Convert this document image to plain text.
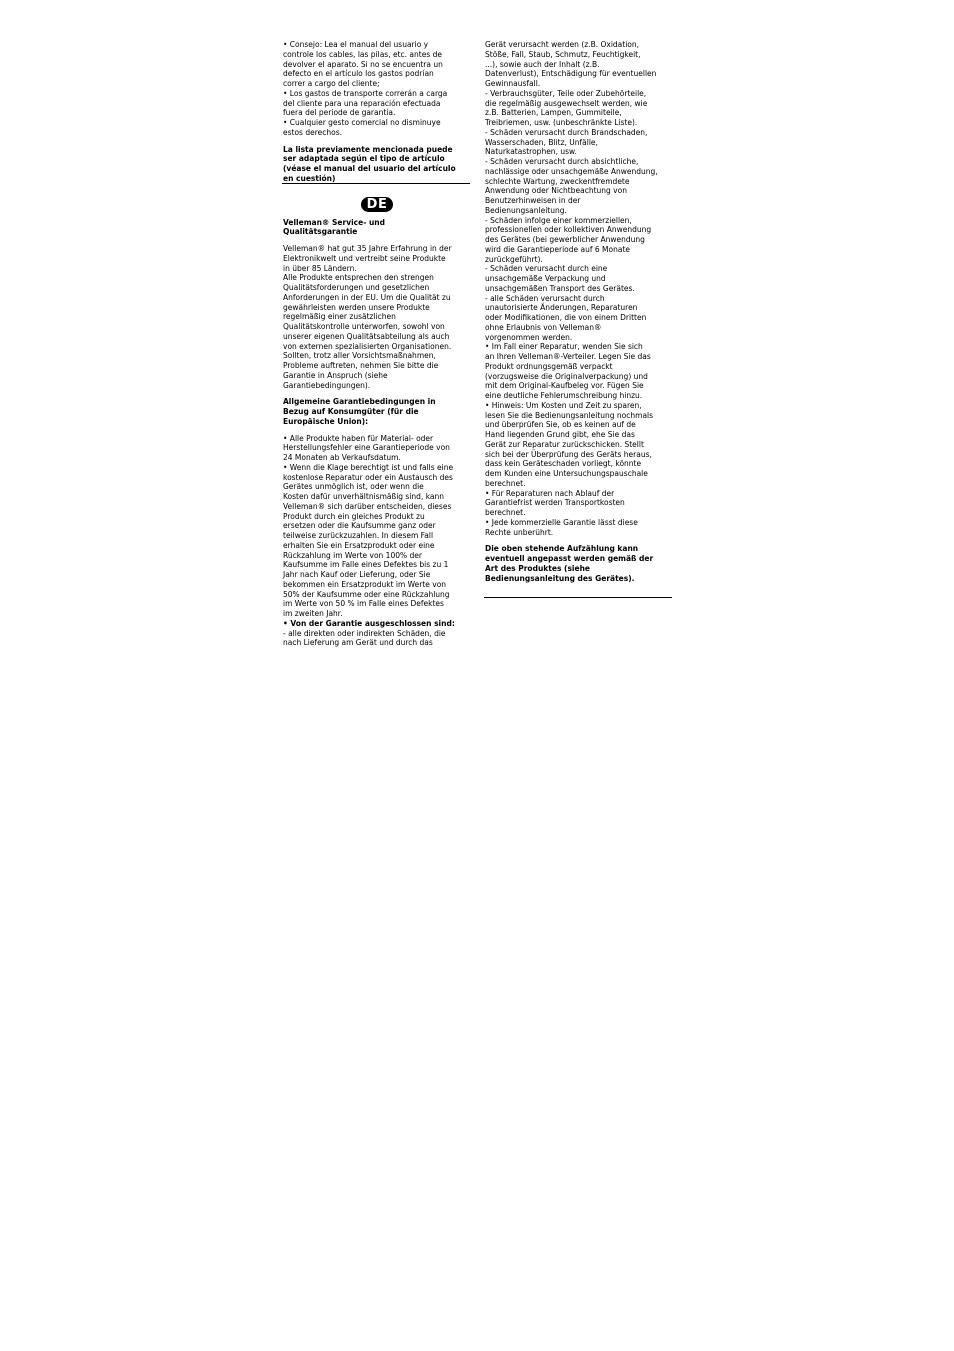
• Consejo: Lea el manual del usuario y
controle los cables, las pilas, etc. antes de
devolver el aparato. Si no se encuentra un
defecto en el artículo los gastos podrían
correr a cargo del cliente;
• Los gastos de transporte correrán a carga
del cliente para una reparación efectuada
fuera del periode de garantía.
• Cualquier gesto comercial no disminuye
estos derechos.

La lista previamente mencionada puede
ser adaptada según el tipo de artículo
(véase el manual del usuario del artículo
en cuestión)

DE

Velleman® Service- und
Qualitätsgarantie

Velleman® hat gut 35 Jahre Erfahrung in der
Elektronikwelt und vertreibt seine Produkte
in über 85 Ländern.
Alle Produkte entsprechen den strengen
Qualitätsforderungen und gesetzlichen
Anforderungen in der EU. Um die Qualität zu
gewährleisten werden unsere Produkte
regelmäßig einer zusätzlichen
Qualitätskontrolle unterworfen, sowohl von
unserer eigenen Qualitätsabteilung als auch
von externen spezialisierten Organisationen.
Sollten, trotz aller Vorsichtsmaßnahmen,
Probleme auftreten, nehmen Sie bitte die
Garantie in Anspruch (siehe
Garantiebedingungen).

Allgemeine Garantiebedingungen in
Bezug auf Konsumgüter (für die
Europäische Union):

• Alle Produkte haben für Material- oder
Herstellungsfehler eine Garantieperiode von
24 Monaten ab Verkaufsdatum.
• Wenn die Klage berechtigt ist und falls eine
kostenlose Reparatur oder ein Austausch des
Gerätes unmöglich ist, oder wenn die
Kosten dafür unverhältnismäßig sind, kann
Velleman® sich darüber entscheiden, dieses
Produkt durch ein gleiches Produkt zu
ersetzen oder die Kaufsumme ganz oder
teilweise zurückzuzahlen. In diesem Fall
erhalten Sie ein Ersatzprodukt oder eine
Rückzahlung im Werte von 100% der
Kaufsumme im Falle eines Defektes bis zu 1
Jahr nach Kauf oder Lieferung, oder Sie
bekommen ein Ersatzprodukt im Werte von
50% der Kaufsumme oder eine Rückzahlung
im Werte von 50 % im Falle eines Defektes
im zweiten Jahr.

• Von der Garantie ausgeschlossen sind:

- alle direkten oder indirekten Schäden, die
nach Lieferung am Gerät und durch das

Gerät verursacht werden (z.B. Oxidation,
Stöße, Fall, Staub, Schmutz, Feuchtigkeit,
...), sowie auch der Inhalt (z.B.
Datenverlust), Entschädigung für eventuellen
Gewinnausfall.
- Verbrauchsgüter, Teile oder Zubehörteile,
die regelmäßig ausgewechselt werden, wie
z.B. Batterien, Lampen, Gummiteile,
Treibriemen, usw. (unbeschränkte Liste).
- Schäden verursacht durch Brandschaden,
Wasserschaden, Blitz, Unfälle,
Naturkatastrophen, usw.
- Schäden verursacht durch absichtliche,
nachlässige oder unsachgemäße Anwendung,
schlechte Wartung, zweckentfremdete
Anwendung oder Nichtbeachtung von
Benutzerhinweisen in der
Bedienungsanleitung.
- Schäden infolge einer kommerziellen,
professionellen oder kollektiven Anwendung
des Gerätes (bei gewerblicher Anwendung
wird die Garantieperiode auf 6 Monate
zurückgeführt).
- Schäden verursacht durch eine
unsachgemäße Verpackung und
unsachgemäßen Transport des Gerätes.
- alle Schäden verursacht durch
unautorisierte Änderungen, Reparaturen
oder Modifikationen, die von einem Dritten
ohne Erlaubnis von Velleman®
vorgenommen werden.
• Im Fall einer Reparatur, wenden Sie sich
an Ihren Velleman®-Verteiler. Legen Sie das
Produkt ordnungsgemäß verpackt
(vorzugsweise die Originalverpackung) und
mit dem Original-Kaufbeleg vor. Fügen Sie
eine deutliche Fehlerumschreibung hinzu.
• Hinweis: Um Kosten und Zeit zu sparen,
lesen Sie die Bedienungsanleitung nochmals
und überprüfen Sie, ob es keinen auf de
Hand liegenden Grund gibt, ehe Sie das
Gerät zur Reparatur zurückschicken. Stellt
sich bei der Überprüfung des Geräts heraus,
dass kein Geräteschaden vorliegt, könnte
dem Kunden eine Untersuchungspauschale
berechnet.
• Für Reparaturen nach Ablauf der
Garantiefrist werden Transportkosten
berechnet.
• Jede kommerzielle Garantie lässt diese
Rechte unberührt.

Die oben stehende Aufzählung kann
eventuell angepasst werden gemäß der
Art des Produktes (siehe
Bedienungsanleitung des Gerätes).
